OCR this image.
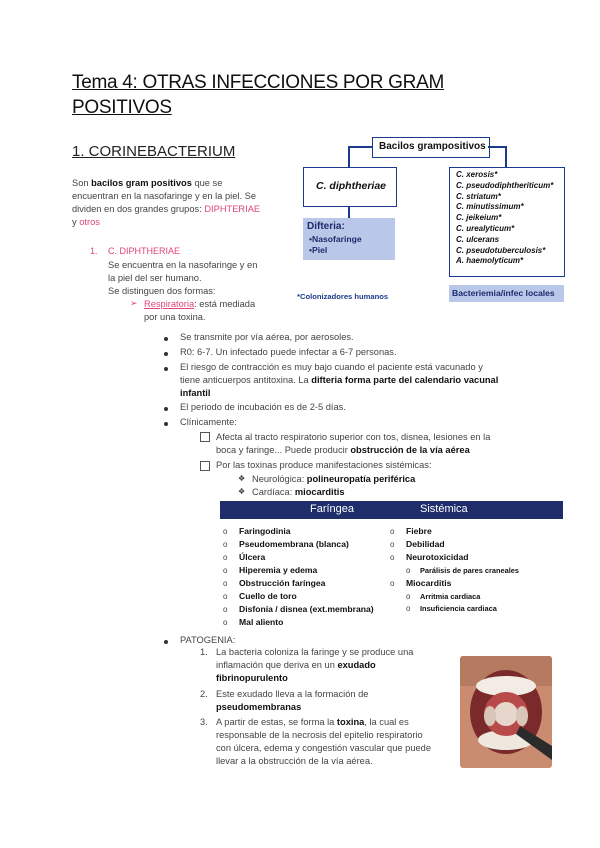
Tema 4: OTRAS INFECCIONES POR GRAM
POSITIVOS
1. CORINEBACTERIUM
Son bacilos gram positivos que se
encuentran en la nasofaringe y en la piel. Se
dividen en dos grandes grupos: DIPHTERIAE
y otros
Bacilos grampositivos
C. diphtheriae
Difteria:
•Nasofaringe
•Piel
*Colonizadores humanos
C. xerosis*
C. pseudodiphtheriticum*
C. striatum*
C. minutissimum*
C. jeikeium*
C. urealyticum*
C. ulcerans
C. pseudotuberculosis*
A. haemolyticum*
Bacteriemia/infec locales
1. C. DIPHTHERIAE
Se encuentra en la nasofaringe y en
la piel del ser humano.
Se distinguen dos formas:
➢ Respiratoria: está mediada
por una toxina.
Se transmite por vía aérea, por aerosoles.
R0: 6-7. Un infectado puede infectar a 6-7 personas.
El riesgo de contracción es muy bajo cuando el paciente está vacunado y
tiene anticuerpos antitoxina. La difteria forma parte del calendario vacunal
infantil
El periodo de incubación es de 2-5 días.
Clínicamente:
Afecta al tracto respiratorio superior con tos, disnea, lesiones en la
boca y faringe... Puede producir obstrucción de la vía aérea
Por las toxinas produce manifestaciones sistémicas:
❖ Neurológica: polineuropatía periférica
❖ Cardíaca: miocarditis
Faríngea	Sistémica
o Faringodinia
o Pseudomembrana (blanca)
o Úlcera
o Hiperemia y edema
o Obstrucción faríngea
o Cuello de toro
o Disfonía / disnea (ext.membrana)
o Mal aliento
o Fiebre
o Debilidad
o Neurotoxicidad
o Parálisis de pares craneales
o Miocarditis
o Arritmia cardiaca
o Insuficiencia cardiaca
PATOGENIA:
1. La bacteria coloniza la faringe y se produce una
inflamación que deriva en un exudado
fibrinopurulento
2. Este exudado lleva a la formación de
pseudomembranas
3. A partir de estas, se forma la toxina, la cual es
responsable de la necrosis del epitelio respiratorio
con úlcera, edema y congestión vascular que puede
llevar a la obstrucción de la vía aérea.
